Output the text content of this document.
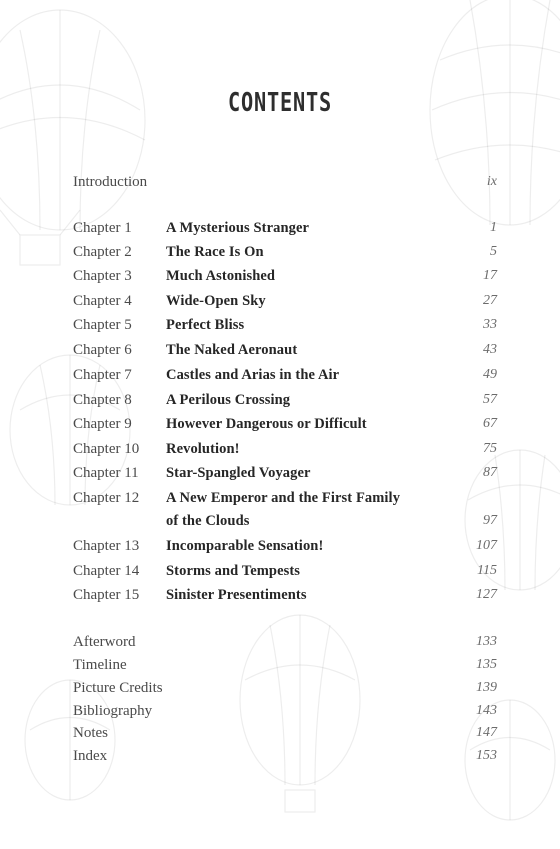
CONTENTS
Introduction	ix
Chapter 1 A Mysterious Stranger	1
Chapter 2 The Race Is On	5
Chapter 3 Much Astonished	17
Chapter 4 Wide-Open Sky	27
Chapter 5 Perfect Bliss	33
Chapter 6 The Naked Aeronaut	43
Chapter 7 Castles and Arias in the Air	49
Chapter 8 A Perilous Crossing	57
Chapter 9 However Dangerous or Difficult	67
Chapter 10 Revolution!	75
Chapter 11 Star-Spangled Voyager	87
Chapter 12 A New Emperor and the First Family
of the Clouds	97
Chapter 13 Incomparable Sensation!	107
Chapter 14 Storms and Tempests	115
Chapter 15 Sinister Presentiments	127
Afterword	133
Timeline	135
Picture Credits	139
Bibliography	143
Notes	147
Index	153
